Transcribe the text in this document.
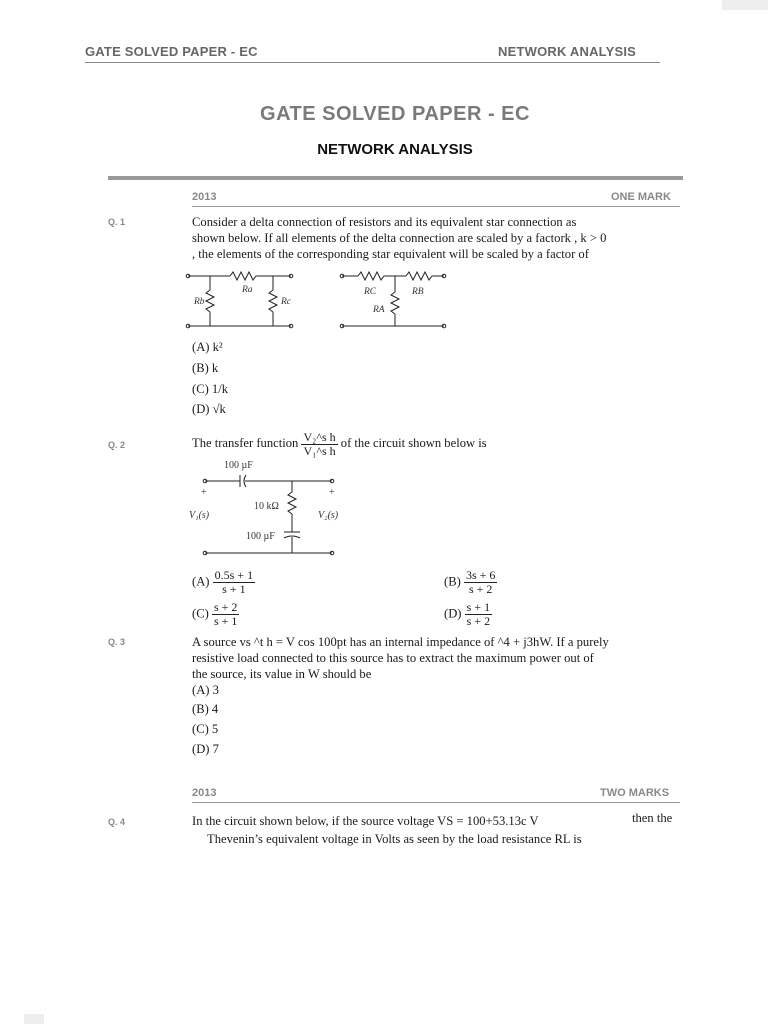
GATE SOLVED PAPER - EC	NETWORK ANALYSIS
GATE SOLVED PAPER - EC
NETWORK ANALYSIS
2013	ONE MARK
Q. 1	Consider a delta connection of resistors and its equivalent star connection as
shown below. If all elements of the delta connection are scaled by a factork , k > 0
, the elements of the corresponding star equivalent will be scaled by a factor of
Ra
Rb	Rc
RC	RB
RA
(A) k²
(B) k
(C) 1/k
(D) √k
Q. 2	The transfer function $\frac{\text{V₂\textasciicircum{}s h}}{\text{V₁\textasciicircum{}s h}}$ of the circuit shown below is
100 µF
10 kΩ
100 µF
V₁(s)	V₂(s)
+	+
$(A) \frac{0.5s + 1}{s + 1}$	$(B) \frac{3s + 6}{s + 2}$
$(C) \frac{s + 2}{s + 1}$	$(D) \frac{s + 1}{s + 2}$
Q. 3	A source vs ^t h = V cos 100pt has an internal impedance of ^4 + j3hW. If a purely
resistive load connected to this source has to extract the maximum power out of
the source, its value in W should be
(A) 3
(B) 4
(C) 5
(D) 7
2013	TWO MARKS
Q. 4	In the circuit shown below, if the source voltage VS = 100+53.13c V	then the
Thevenin’s equivalent voltage in Volts as seen by the load resistance RL is
